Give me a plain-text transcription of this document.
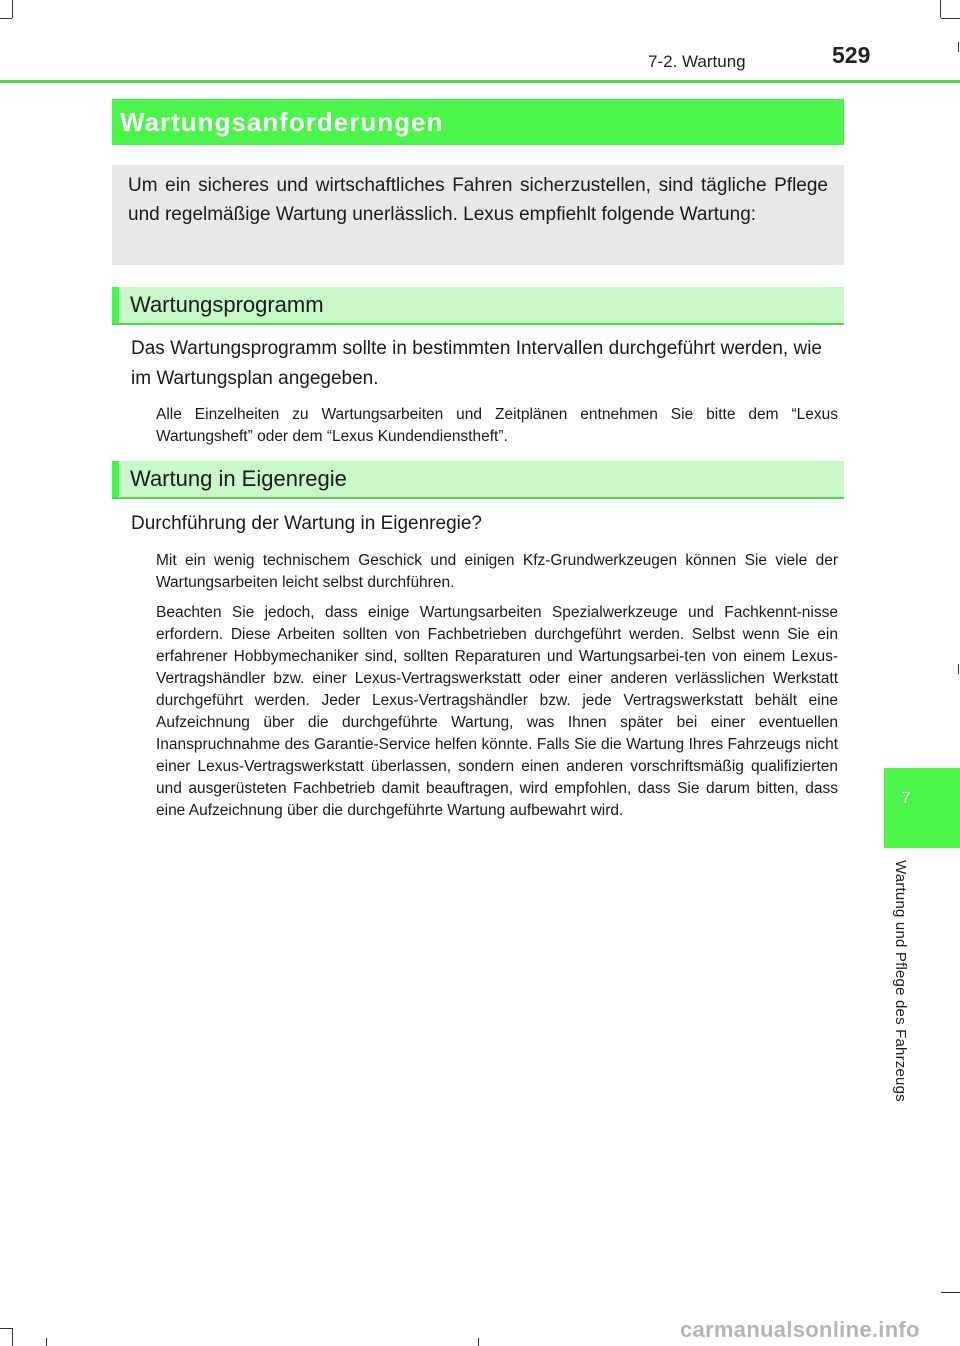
7-2. Wartung	529
Wartungsanforderungen

Um ein sicheres und wirtschaftliches Fahren sicherzustellen, sind tägliche Pflege und regelmäßige Wartung unerlässlich. Lexus empfiehlt folgende Wartung:

Wartungsprogramm

Das Wartungsprogramm sollte in bestimmten Intervallen durchgeführt werden, wie im Wartungsplan angegeben.

Alle Einzelheiten zu Wartungsarbeiten und Zeitplänen entnehmen Sie bitte dem “Lexus Wartungsheft” oder dem “Lexus Kundendienstheft”.

Wartung in Eigenregie

Durchführung der Wartung in Eigenregie?

Mit ein wenig technischem Geschick und einigen Kfz-Grundwerkzeugen können Sie viele der Wartungsarbeiten leicht selbst durchführen.

Beachten Sie jedoch, dass einige Wartungsarbeiten Spezialwerkzeuge und Fachkennt-nisse erfordern. Diese Arbeiten sollten von Fachbetrieben durchgeführt werden. Selbst wenn Sie ein erfahrener Hobbymechaniker sind, sollten Reparaturen und Wartungsarbei-ten von einem Lexus-Vertragshändler bzw. einer Lexus-Vertragswerkstatt oder einer anderen verlässlichen Werkstatt durchgeführt werden. Jeder Lexus-Vertragshändler bzw. jede Vertragswerkstatt behält eine Aufzeichnung über die durchgeführte Wartung, was Ihnen später bei einer eventuellen Inanspruchnahme des Garantie-Service helfen könnte. Falls Sie die Wartung Ihres Fahrzeugs nicht einer Lexus-Vertragswerkstatt überlassen, sondern einen anderen vorschriftsmäßig qualifizierten und ausgerüsteten Fachbetrieb damit beauftragen, wird empfohlen, dass Sie darum bitten, dass eine Aufzeichnung über die durchgeführte Wartung aufbewahrt wird.

7
Wartung und Pflege des Fahrzeugs
carmanualsonline.info
